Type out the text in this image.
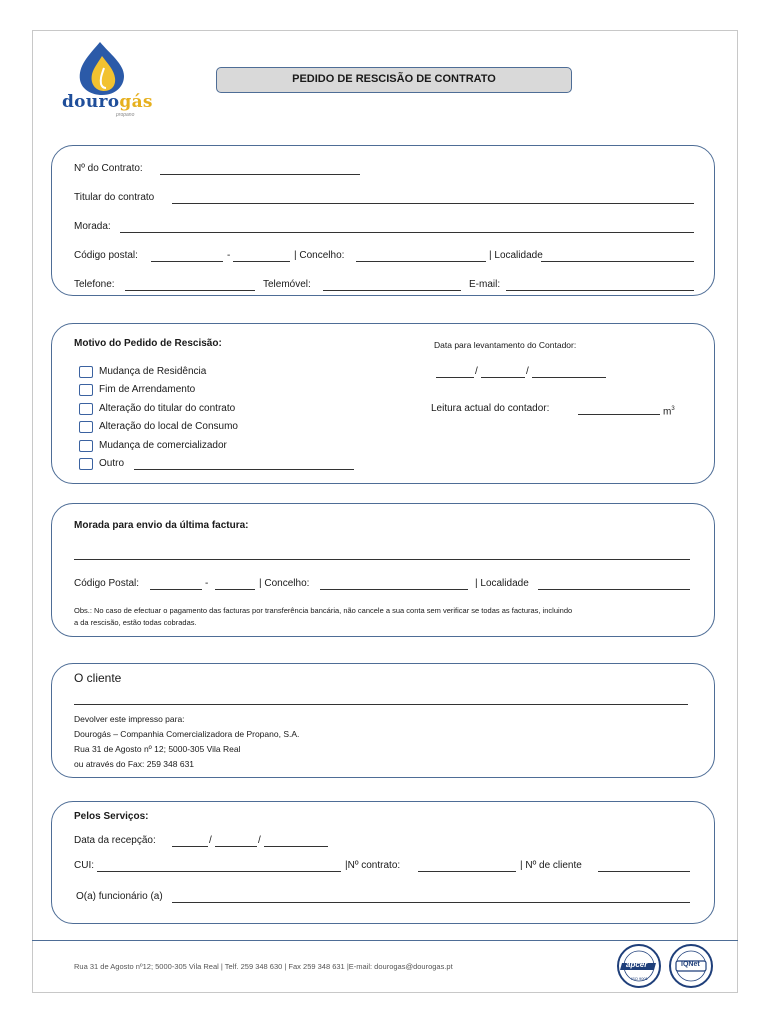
dourogás
propano
PEDIDO DE RESCISÃO DE CONTRATO
Nº do Contrato:
Titular do contrato
Morada:
Código postal:	-	| Concelho:	| Localidade
Telefone:	Telemóvel:	E-mail:
Motivo do Pedido de Rescisão:
Mudança de Residência
Fim de Arrendamento
Alteração do titular do contrato
Alteração do local de Consumo
Mudança de comercializador
Outro
Data para levantamento do Contador:
/	/
Leitura actual do contador:	$m^3$
Morada para envio da última factura:
Código Postal:	-	| Concelho:	| Localidade
Obs.: No caso de efectuar o pagamento das facturas por transferência bancária, não cancele a sua conta sem verificar se todas as facturas, incluindo
a da rescisão, estão todas cobradas.
O cliente
Devolver este impresso para:
Dourogás – Companhia Comercializadora de Propano, S.A.
Rua 31 de Agosto nº 12; 5000-305 Vila Real
ou através do Fax: 259 348 631
Pelos Serviços:
Data da recepção:	/	/
CUI:	|Nº contrato:	| Nº de cliente
O(a) funcionário (a)
Rua 31 de Agosto nº12; 5000-305 Vila Real | Telf. 259 348 630 | Fax 259 348 631 |E-mail: dourogas@dourogas.pt	apcer
ISO 9001
IQNet
